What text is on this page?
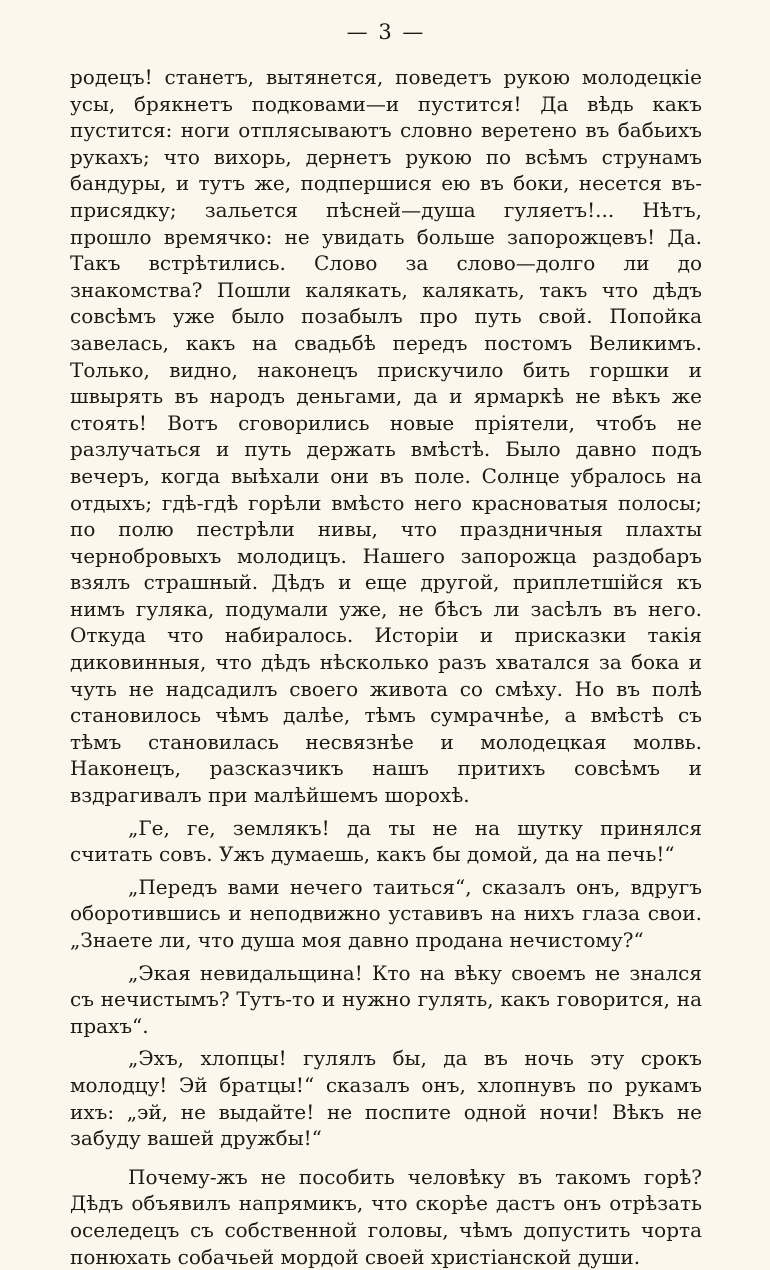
— 3 —

родецъ! станетъ, вытянется, поведетъ рукою молодецкіе усы, брякнетъ подковами—и пустится! Да вѣдь какъ пустится: ноги отплясываютъ словно веретено въ бабьихъ рукахъ; что вихорь, дернетъ рукою по всѣмъ струнамъ бандуры, и тутъ же, подпершися ею въ боки, несется въ-присядку; зальется пѣсней—душа гуляетъ!... Нѣтъ, прошло времячко: не увидать больше запорожцевъ! Да. Такъ встрѣтились. Слово за слово—долго ли до знакомства? Пошли калякать, калякать, такъ что дѣдъ совсѣмъ уже было позабылъ про путь свой. Попойка завелась, какъ на свадьбѣ передъ постомъ Великимъ. Только, видно, наконецъ прискучило бить горшки и швырять въ народъ деньгами, да и ярмаркѣ не вѣкъ же стоять! Вотъ сговорились новые пріятели, чтобъ не разлучаться и путь держать вмѣстѣ. Было давно подъ вечеръ, когда выѣхали они въ поле. Солнце убралось на отдыхъ; гдѣ-гдѣ горѣли вмѣсто него красноватыя полосы; по полю пестрѣли нивы, что праздничныя плахты чернобровыхъ молодицъ. Нашего запорожца раздобаръ взялъ страшный. Дѣдъ и еще другой, приплетшійся къ нимъ гуляка, подумали уже, не бѣсъ ли засѣлъ въ него. Откуда что набиралось. Исторіи и присказки такія диковинныя, что дѣдъ нѣсколько разъ хватался за бока и чуть не надсадилъ своего живота со смѣху. Но въ полѣ становилось чѣмъ далѣе, тѣмъ сумрачнѣе, а вмѣстѣ съ тѣмъ становилась несвязнѣе и молодецкая молвь. Наконецъ, разсказчикъ нашъ притихъ совсѣмъ и вздрагивалъ при малѣйшемъ шорохѣ.

„Ге, ге, землякъ! да ты не на шутку принялся считать совъ. Ужъ думаешь, какъ бы домой, да на печь!“

„Передъ вами нечего таиться“, сказалъ онъ, вдругъ оборотившись и неподвижно уставивъ на нихъ глаза свои. „Знаете ли, что душа моя давно продана нечистому?“

„Экая невидальщина! Кто на вѣку своемъ не знался съ нечистымъ? Тутъ-то и нужно гулять, какъ говорится, на прахъ“.

„Эхъ, хлопцы! гулялъ бы, да въ ночь эту срокъ молодцу! Эй братцы!“ сказалъ онъ, хлопнувъ по рукамъ ихъ: „эй, не выдайте! не поспите одной ночи! Вѣкъ не забуду вашей дружбы!“

Почему-жъ не пособить человѣку въ такомъ горѣ? Дѣдъ объявилъ напрямикъ, что скорѣе дастъ онъ отрѣзать оселедецъ съ собственной головы, чѣмъ допустить чорта понюхать собачьей мордой своей христіанской души.
